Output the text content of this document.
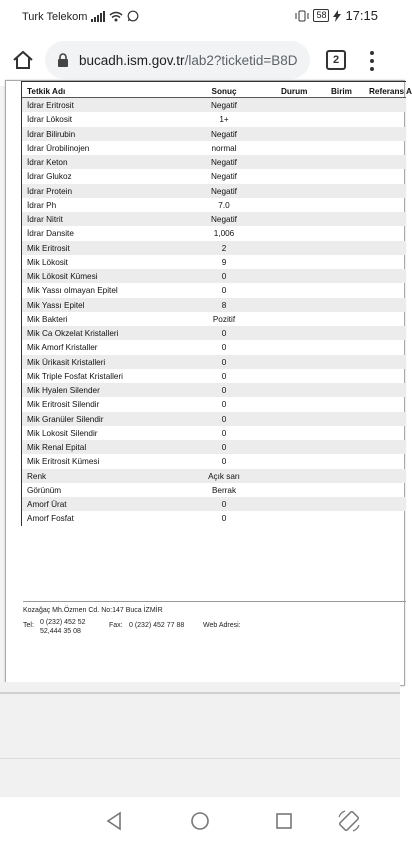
Turk Telekom	58 17:15
bucadh.ism.gov.tr/lab2?ticketid=B8D	2
Tetkik Adı	Sonuç	Durum	Birim Referans A
İdrar Eritrosit	Negatif
İdrar Lökosit	1+
İdrar Bilirubin	Negatif
İdrar Ürobilinojen	normal
İdrar Keton	Negatif
İdrar Glukoz	Negatif
İdrar Protein	Negatif
İdrar Ph	7.0
İdrar Nitrit	Negatif
İdrar Dansite	1,006
Mik Eritrosit	2
Mik Lökosit	9
Mik Lökosit Kümesi	0
Mik Yassı olmayan Epitel	0
Mik Yassı Epitel	8
Mik Bakteri	Pozitif
Mik Ca Okzelat Kristalleri	0
Mik Amorf Kristaller	0
Mik Ürikasit Kristalleri	0
Mik Triple Fosfat Kristalleri	0
Mik Hyalen Silender	0
Mik Eritrosit Silendir	0
Mik Granüler Silendir	0
Mik Lokosit Silendir	0
Mik Renal Epital	0
Mik Eritrosit Kümesi	0
Renk	Açık sarı
Görünüm	Berrak
Amorf Ürat	0
Amorf Fosfat	0
Kozağaç Mh.Özmen Cd. No:147 Buca İZMİR
Tel: 0 (232) 452 52
52,444 35 08
Fax: 0 (232) 452 77 88	Web Adresi:
